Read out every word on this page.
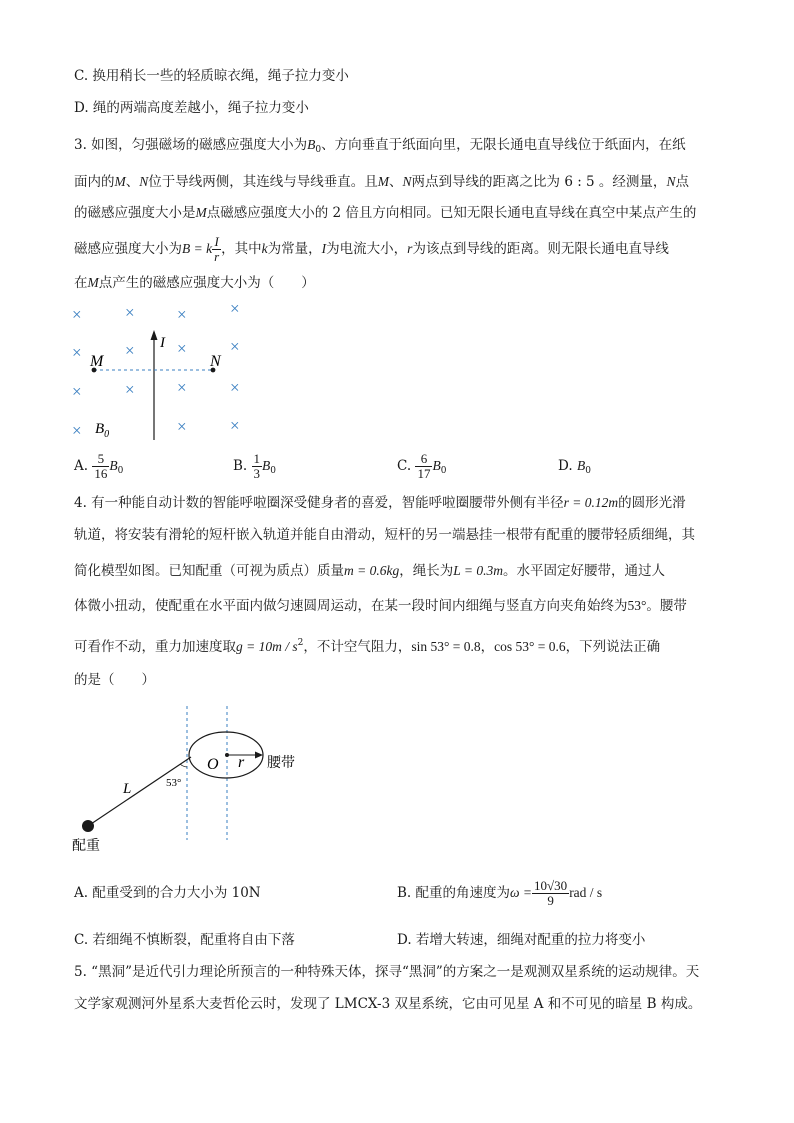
C. 换用稍长一些的轻质晾衣绳，绳子拉力变小
D. 绳的两端高度差越小，绳子拉力变小
3. 如图，匀强磁场的磁感应强度大小为$B_0$、方向垂直于纸面向里，无限长通电直导线位于纸面内，在纸
面内的M、N位于导线两侧，其连线与导线垂直。且M、N两点到导线的距离之比为 6 : 5 。经测量，N点
的磁感应强度大小是M点磁感应强度大小的 2 倍且方向相同。已知无限长通电直导线在真空中某点产生的
磁感应强度大小为B = k $\frac{I}{r}$ ，其中k为常量，I为电流大小，r为该点到导线的距离。则无限长通电直导线
在M点产生的磁感应强度大小为（　　）
×	× ×	×
×	× ×	×
×	× ×	×
×	×	×
I
M	N
$B_0$
A. $\frac{5}{16} B_0$	B. $\frac{1}{3} B_0$	C. $\frac{6}{17} B_0$	D. $B_0$
4. 有一种能自动计数的智能呼啦圈深受健身者的喜爱，智能呼啦圈腰带外侧有半径r = 0.12m的圆形光滑
轨道，将安装有滑轮的短杆嵌入轨道并能自由滑动，短杆的另一端悬挂一根带有配重的腰带轻质细绳，其
简化模型如图。已知配重（可视为质点）质量m = 0.6kg，绳长为L = 0.3m。水平固定好腰带，通过人
体微小扭动，使配重在水平面内做匀速圆周运动，在某一段时间内细绳与竖直方向夹角始终为53°。腰带
可看作不动，重力加速度取$g = 10m / s^2$，不计空气阻力，sin 53° = 0.8，cos 53° = 0.6，下列说法正确
的是（　　）
O r 腰带
L	53°
配重
A. 配重受到的合力大小为 10N	B. 配重的角速度为$\omega = \frac{10√30}{9}$ rad / s
C. 若细绳不慎断裂，配重将自由下落	D. 若增大转速，细绳对配重的拉力将变小
5. “黑洞”是近代引力理论所预言的一种特殊天体，探寻“黑洞”的方案之一是观测双星系统的运动规律。天
文学家观测河外星系大麦哲伦云时，发现了 LMCX-3 双星系统，它由可见星 A 和不可见的暗星 B 构成。
